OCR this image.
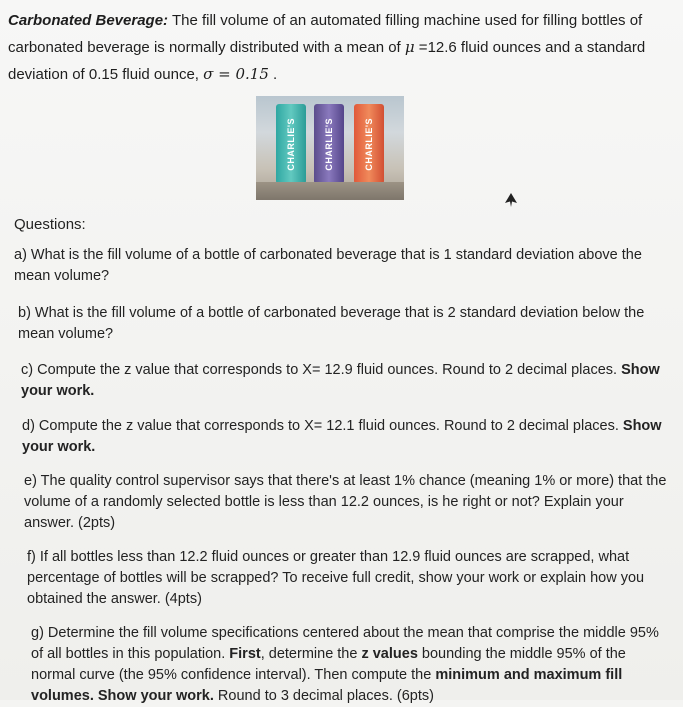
Carbonated Beverage: The fill volume of an automated filling machine used for filling bottles of carbonated beverage is normally distributed with a mean of μ =12.6 fluid ounces and a standard deviation of 0.15 fluid ounce, σ = 0.15 .
CHARLIE'S	CHARLIE'S	CHARLIE'S
Questions:
a) What is the fill volume of a bottle of carbonated beverage that is 1 standard deviation above the mean volume?
b) What is the fill volume of a bottle of carbonated beverage that is 2 standard deviation below the mean volume?
c) Compute the z value that corresponds to X= 12.9 fluid ounces. Round to 2 decimal places. Show your work.
d) Compute the z value that corresponds to X= 12.1 fluid ounces. Round to 2 decimal places. Show your work.
e) The quality control supervisor says that there's at least 1% chance (meaning 1% or more) that the volume of a randomly selected bottle is less than 12.2 ounces, is he right or not? Explain your answer. (2pts)
f) If all bottles less than 12.2 fluid ounces or greater than 12.9 fluid ounces are scrapped, what percentage of bottles will be scrapped? To receive full credit, show your work or explain how you obtained the answer. (4pts)
g) Determine the fill volume specifications centered about the mean that comprise the middle 95% of all bottles in this population. First, determine the z values bounding the middle 95% of the normal curve (the 95% confidence interval). Then compute the minimum and maximum fill volumes. Show your work. Round to 3 decimal places. (6pts)
